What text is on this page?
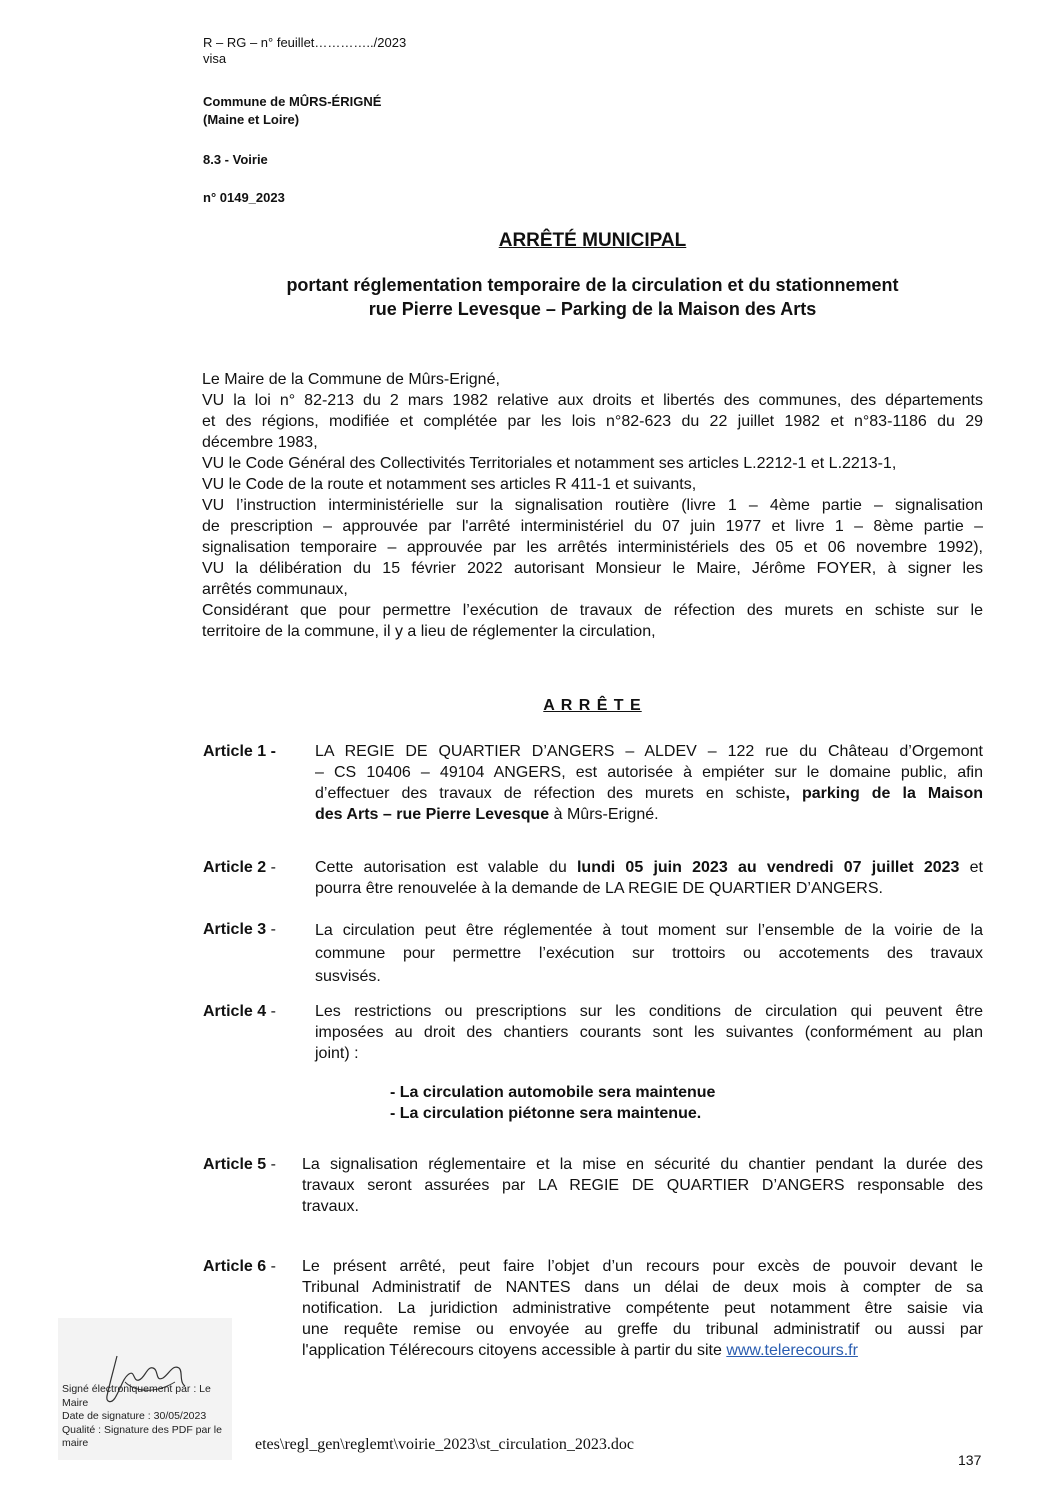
R – RG – n° feuillet…………../2023
visa
Commune de MÛRS-ÉRIGNÉ
(Maine et Loire)
8.3 - Voirie
n° 0149_2023
ARRÊTÉ MUNICIPAL
portant réglementation temporaire de la circulation et du stationnement
rue Pierre Levesque – Parking de la Maison des Arts
Le Maire de la Commune de Mûrs-Erigné,
VU la loi n° 82-213 du 2 mars 1982 relative aux droits et libertés des communes, des départements
et des régions, modifiée et complétée par les lois n°82-623 du 22 juillet 1982 et n°83-1186 du 29
décembre 1983,
VU le Code Général des Collectivités Territoriales et notamment ses articles L.2212-1 et L.2213-1,
VU le Code de la route et notamment ses articles R 411-1 et suivants,
VU l’instruction interministérielle sur la signalisation routière (livre 1 – 4ème partie – signalisation
de prescription – approuvée par l'arrêté interministériel du 07 juin 1977 et livre 1 – 8ème partie –
signalisation temporaire – approuvée par les arrêtés interministériels des 05 et 06 novembre 1992),
VU la délibération du 15 février 2022 autorisant Monsieur le Maire, Jérôme FOYER, à signer les
arrêtés communaux,
Considérant que pour permettre l’exécution de travaux de réfection des murets en schiste sur le
territoire de la commune, il y a lieu de réglementer la circulation,
A R R Ê T E
Article 1 - LA REGIE DE QUARTIER D’ANGERS – ALDEV – 122 rue du Château d’Orgemont
– CS 10406 – 49104 ANGERS, est autorisée à empiéter sur le domaine public, afin
d’effectuer des travaux de réfection des murets en schiste, parking de la Maison
des Arts – rue Pierre Levesque à Mûrs-Erigné.
Article 2 - Cette autorisation est valable du lundi 05 juin 2023 au vendredi 07 juillet 2023 et
pourra être renouvelée à la demande de LA REGIE DE QUARTIER D’ANGERS.
Article 3 - La circulation peut être réglementée à tout moment sur l’ensemble de la voirie de la
commune pour permettre l’exécution sur trottoirs ou accotements des travaux
susvisés.
Article 4 - Les restrictions ou prescriptions sur les conditions de circulation qui peuvent être
imposées au droit des chantiers courants sont les suivantes (conformément au plan
joint) :
- La circulation automobile sera maintenue
- La circulation piétonne sera maintenue.
Article 5 - La signalisation réglementaire et la mise en sécurité du chantier pendant la durée des
travaux seront assurées par LA REGIE DE QUARTIER D’ANGERS responsable des
travaux.
Article 6 - Le présent arrêté, peut faire l’objet d’un recours pour excès de pouvoir devant le
Tribunal Administratif de NANTES dans un délai de deux mois à compter de sa
notification. La juridiction administrative compétente peut notamment être saisie via
une requête remise ou envoyée au greffe du tribunal administratif ou aussi par
l'application Télérecours citoyens accessible à partir du site www.telerecours.fr
Signé électroniquement par : Le
Maire
Date de signature : 30/05/2023
Qualité : Signature des PDF par le
maire	etes\regl_gen\reglemt\voirie_2023\st_circulation_2023.doc
137
